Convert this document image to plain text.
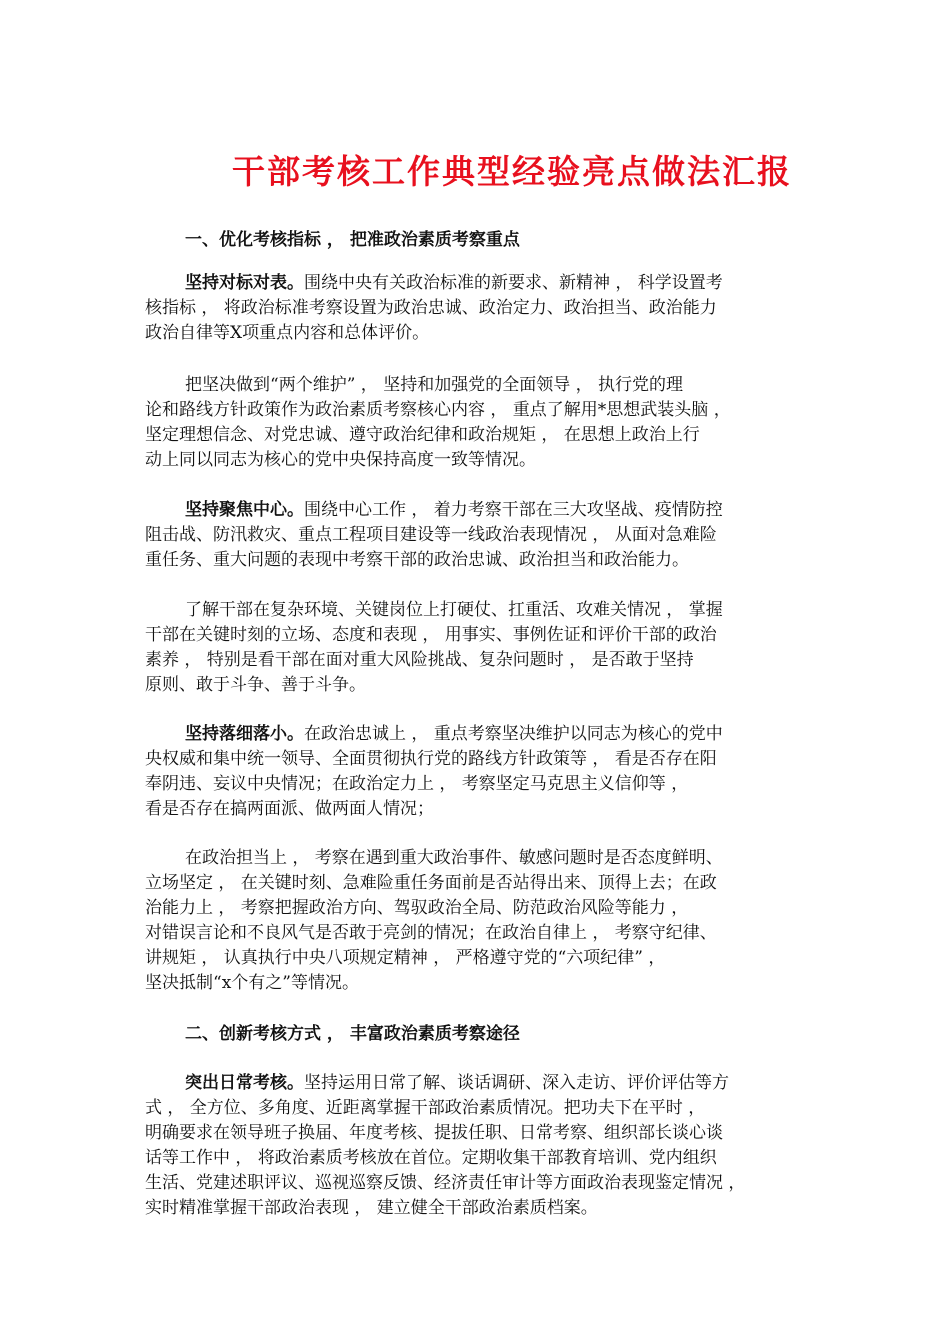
干部考核工作典型经验亮点做法汇报
一、优化考核指标 ， 把准政治素质考察重点
坚持对标对表。围绕中央有关政治标准的新要求、新精神 ， 科学设置考
核指标 ， 将政治标准考察设置为政治忠诚、政治定力、政治担当、政治能力
政治自律等X项重点内容和总体评价。
把坚决做到“两个维护” ， 坚持和加强党的全面领导 ， 执行党的理
论和路线方针政策作为政治素质考察核心内容 ， 重点了解用*思想武装头脑 ，
坚定理想信念、对党忠诚、遵守政治纪律和政治规矩 ， 在思想上政治上行
动上同以同志为核心的党中央保持高度一致等情况。
坚持聚焦中心。围绕中心工作 ， 着力考察干部在三大攻坚战、疫情防控
阻击战、防汛救灾、重点工程项目建设等一线政治表现情况 ， 从面对急难险
重任务、重大问题的表现中考察干部的政治忠诚、政治担当和政治能力。
了解干部在复杂环境、关键岗位上打硬仗、扛重活、攻难关情况 ， 掌握
干部在关键时刻的立场、态度和表现 ， 用事实、事例佐证和评价干部的政治
素养 ， 特别是看干部在面对重大风险挑战、复杂问题时 ， 是否敢于坚持
原则、敢于斗争、善于斗争。
坚持落细落小。在政治忠诚上 ， 重点考察坚决维护以同志为核心的党中
央权威和集中统一领导、全面贯彻执行党的路线方针政策等 ， 看是否存在阳
奉阴违、妄议中央情况；在政治定力上 ， 考察坚定马克思主义信仰等 ，
看是否存在搞两面派、做两面人情况；
在政治担当上 ， 考察在遇到重大政治事件、敏感问题时是否态度鲜明、
立场坚定 ， 在关键时刻、急难险重任务面前是否站得出来、顶得上去；在政
治能力上 ， 考察把握政治方向、驾驭政治全局、防范政治风险等能力 ，
对错误言论和不良风气是否敢于亮剑的情况；在政治自律上 ， 考察守纪律、
讲规矩 ， 认真执行中央八项规定精神 ， 严格遵守党的“六项纪律” ，
坚决抵制“x个有之”等情况。
二、创新考核方式 ， 丰富政治素质考察途径
突出日常考核。坚持运用日常了解、谈话调研、深入走访、评价评估等方
式 ， 全方位、多角度、近距离掌握干部政治素质情况。把功夫下在平时 ，
明确要求在领导班子换届、年度考核、提拔任职、日常考察、组织部长谈心谈
话等工作中 ， 将政治素质考核放在首位。定期收集干部教育培训、党内组织
生活、党建述职评议、巡视巡察反馈、经济责任审计等方面政治表现鉴定情况 ，
实时精准掌握干部政治表现 ， 建立健全干部政治素质档案。
